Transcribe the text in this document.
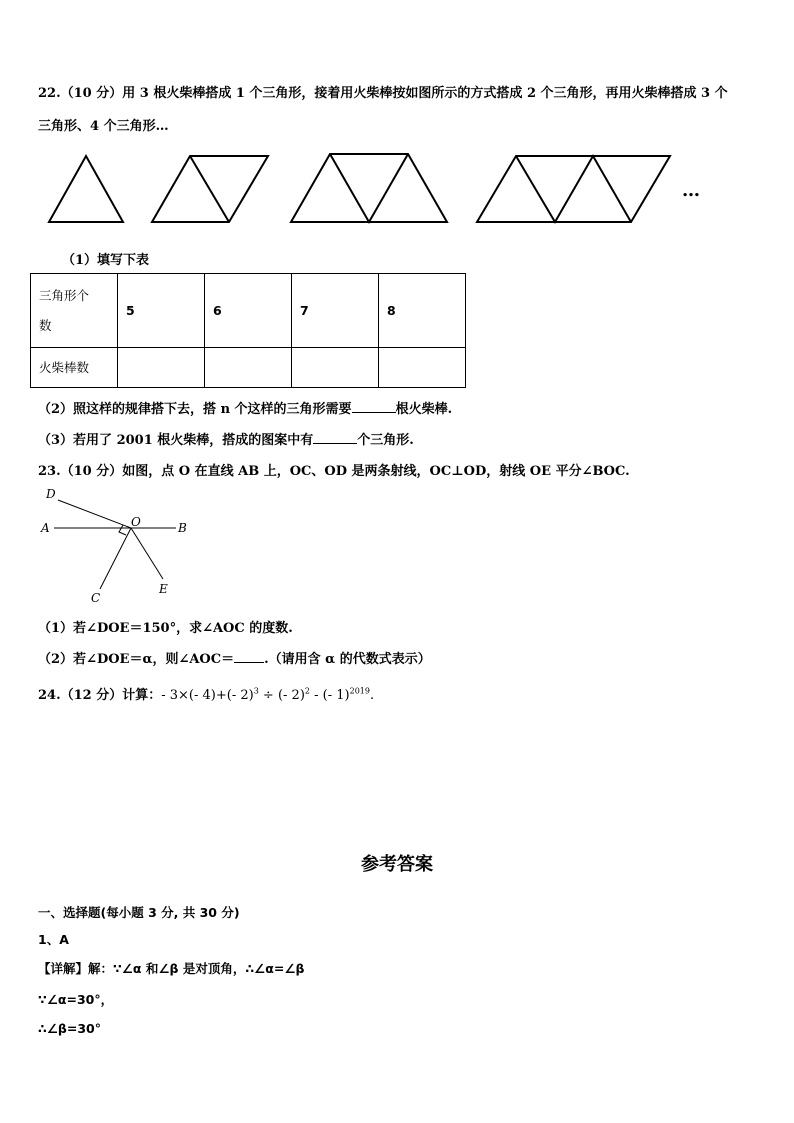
22.（10 分）用 3 根火柴棒搭成 1 个三角形，接着用火柴棒按如图所示的方式搭成 2 个三角形，再用火柴棒搭成 3 个
三角形、4 个三角形…
…
（1）填写下表
三角形个
数	5	6	7	8
火柴棒数				
（2）照这样的规律搭下去，搭 n 个这样的三角形需要	根火柴棒.
（3）若用了 2001 根火柴棒，搭成的图案中有	个三角形.
23.（10 分）如图，点 O 在直线 AB 上，OC、OD 是两条射线，OC⊥OD，射线 OE 平分∠BOC.
D
A	O	B
C
E
（1）若∠DOE＝150°，求∠AOC 的度数.
（2）若∠DOE＝α，则∠AOC＝ .（请用含 α 的代数式表示）
24.（12 分）计算：- 3×(- 4)+(- 2)$^3$ ÷ (- 2)$^2$ - (- 1)$^{2019}$.
参考答案
一、选择题(每小题 3 分, 共 30 分)
1、A
【详解】解：∵∠α 和∠β 是对顶角，∴∠α=∠β
∵∠α=30°，
∴∠β=30°
